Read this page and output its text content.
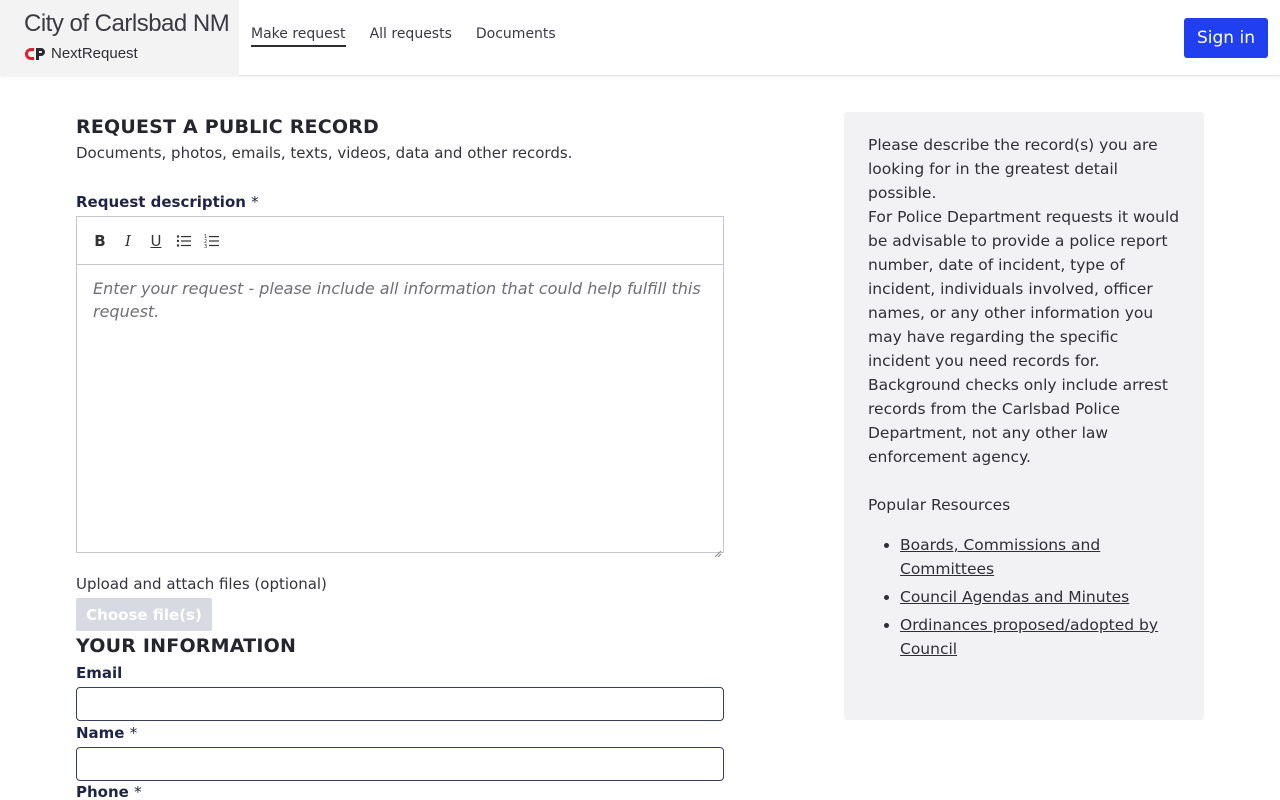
City of Carlsbad NM
NextRequest
Make request All requests Documents	Sign in
REQUEST A PUBLIC RECORD
Documents, photos, emails, texts, videos, data and other records.
Request description *
B	I	U	1
2
3
Enter your request - please include all information that could help fulfill this request.
Upload and attach files (optional)
Choose file(s)
YOUR INFORMATION
Email
Name *
Phone *

Please describe the record(s) you are looking for in the greatest detail possible.

For Police Department requests it would be advisable to provide a police report number, date of incident, type of incident, individuals involved, officer names, or any other information you may have regarding the specific incident you need records for.

Background checks only include arrest records from the Carlsbad Police Department, not any other law enforcement agency.

Popular Resources

• Boards, Commissions and Committees
• Council Agendas and Minutes
• Ordinances proposed/adopted by Council
